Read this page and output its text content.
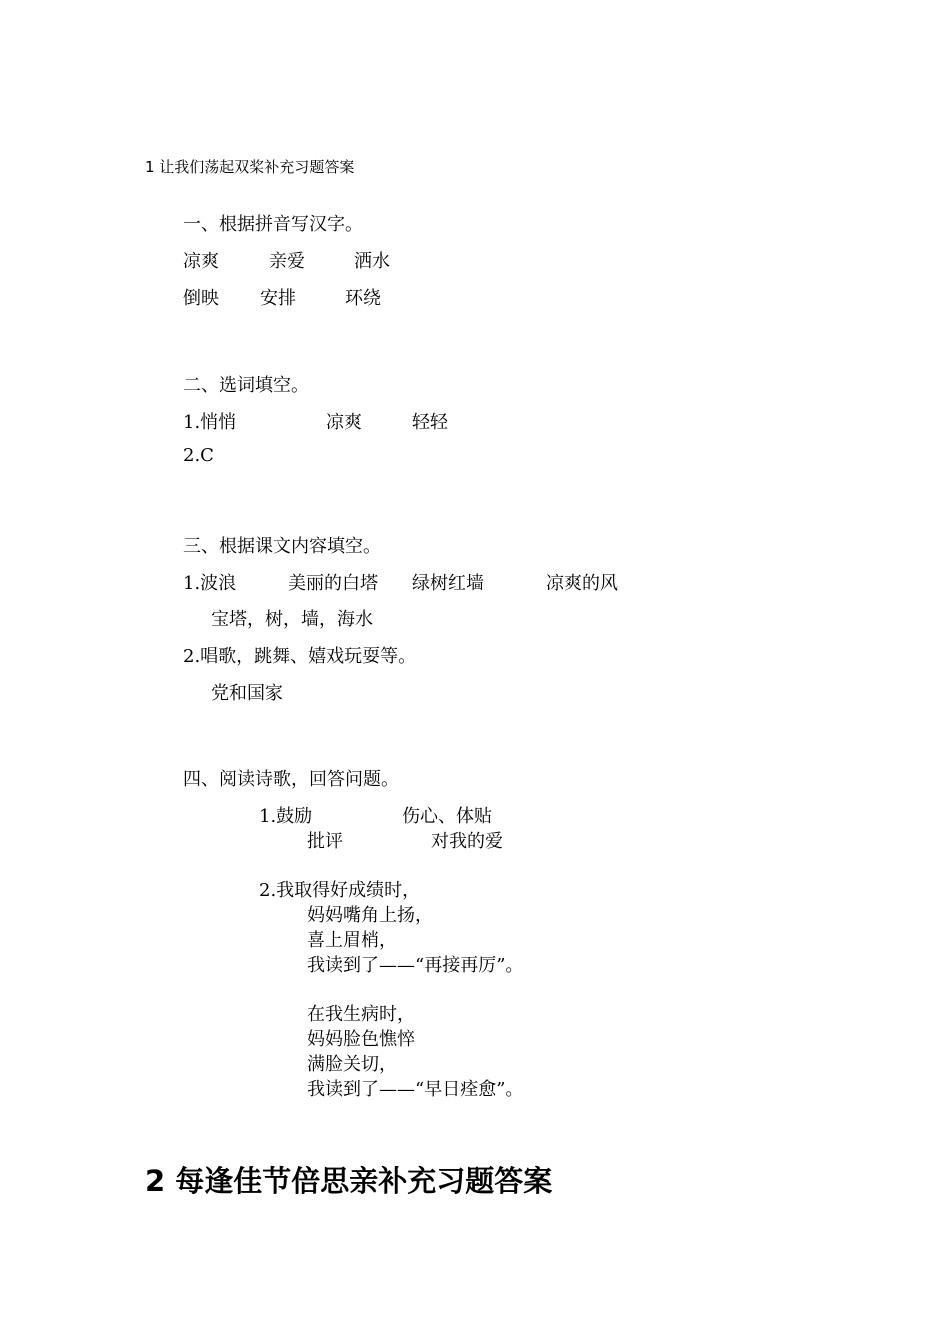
1 让我们荡起双桨补充习题答案
一、根据拼音写汉字。
凉爽	亲爱	洒水
倒映 安排	环绕
二、选词填空。
1.悄悄	凉爽	轻轻
2.C
三、根据课文内容填空。
1.波浪	美丽的白塔 绿树红墙	凉爽的风
宝塔，树，墙，海水
2.唱歌，跳舞、嬉戏玩耍等。
党和国家
四、阅读诗歌，回答问题。
1.鼓励	伤心、体贴
批评	对我的爱
2.我取得好成绩时，
妈妈嘴角上扬，
喜上眉梢，
我读到了——“再接再厉”。
在我生病时，
妈妈脸色憔悴
满脸关切，
我读到了——“早日痊愈”。
2 每逢佳节倍思亲补充习题答案
